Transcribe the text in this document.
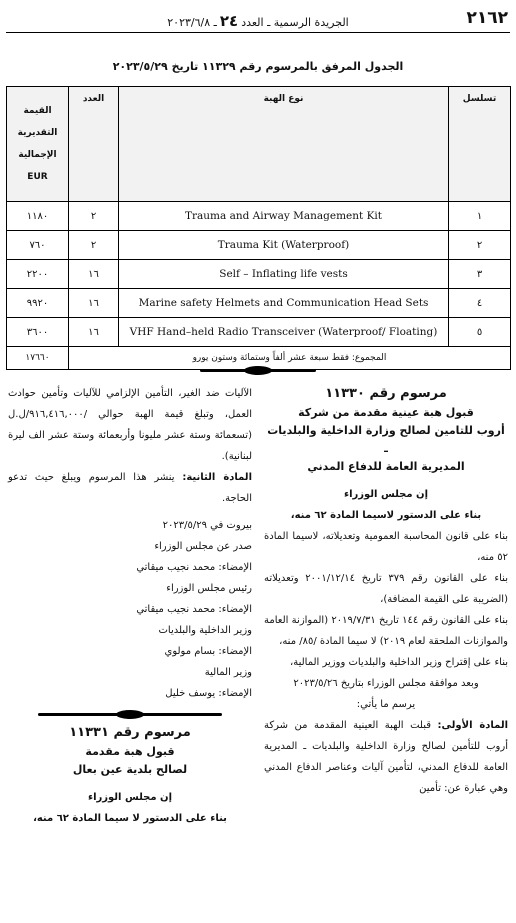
٢١٦٢
الجريدة الرسمية ـ العدد٢٤ـ ٢٠٢٣/٦/٨
الجدول المرفق بالمرسوم رقم ١١٣٢٩ تاريخ ٢٠٢٣/٥/٢٩
تسلسل	نوع الهبة	العدد	القيمة
التقديرية
الإجمالية
EUR

١	Trauma and Airway Management Kit	٢	١١٨٠
٢	Trauma Kit (Waterproof)	٢	٧٦٠
٣	Self – Inflating life vests	١٦	٢٢٠٠
٤	Marine safety Helmets and Communication Head Sets	١٦	٩٩٢٠
٥	VHF Hand–held Radio Transceiver (Waterproof/ Floating)	١٦	٣٦٠٠
المجموع: فقط سبعة عشر ألفاً وستمائة وستون يورو			١٧٦٦٠
مرسوم رقم ١١٣٣٠
قبول هبة عينية مقدمة من شركة
أروب للتامين لصالح وزارة الداخلية والبلديات ـ
المديرية العامة للدفاع المدني

إن مجلس الوزراء

بناء على الدستور لاسيما المادة ٦٢ منه،

بناء على قانون المحاسبة العمومية وتعديلاته، لاسيما المادة ٥٢ منه،

بناء على القانون رقم ٣٧٩ تاريخ ٢٠٠١/١٢/١٤ وتعديلاته (الضريبة على القيمة المضافة)،

بناء على القانون رقم ١٤٤ تاريخ ٢٠١٩/٧/٣١ (الموازنة العامة والموازنات الملحقة لعام ٢٠١٩) لا سيما المادة /٨٥/ منه،

بناء على إقتراح وزير الداخلية والبلديات ووزير المالية،

وبعد موافقة مجلس الوزراء بتاريخ ٢٠٢٣/٥/٢٦

يرسم ما يأتي:

المادة الأولى: قبلت الهبة العينية المقدمة من شركة أروب للتأمين لصالح وزارة الداخلية والبلديات ـ المديرية العامة للدفاع المدني، لتأمين آليات وعناصر الدفاع المدني وهي عبارة عن: تأمين

الآليات ضد الغير، التأمين الإلزامي للآليات وتأمين حوادث العمل، وتبلغ قيمة الهبة حوالي /٩١٦,٤١٦,٠٠٠/ل.ل (تسعمائة وستة عشر مليونا وأربعمائة وستة عشر الف ليرة لبنانية).

المادة الثانية: ينشر هذا المرسوم ويبلغ حيث تدعو الحاجة.

بيروت في ٢٠٢٣/٥/٢٩

صدر عن مجلس الوزراء

الإمضاء: محمد نجيب ميقاتي

رئيس مجلس الوزراء

الإمضاء: محمد نجيب ميقاتي

وزير الداخلية والبلديات

الإمضاء: بسام مولوي

وزير المالية

الإمضاء: يوسف خليل

مرسوم رقم ١١٣٣١
قبول هبة مقدمة
لصالح بلدية عين بعال

إن مجلس الوزراء

بناء على الدستور لا سيما المادة ٦٢ منه،
